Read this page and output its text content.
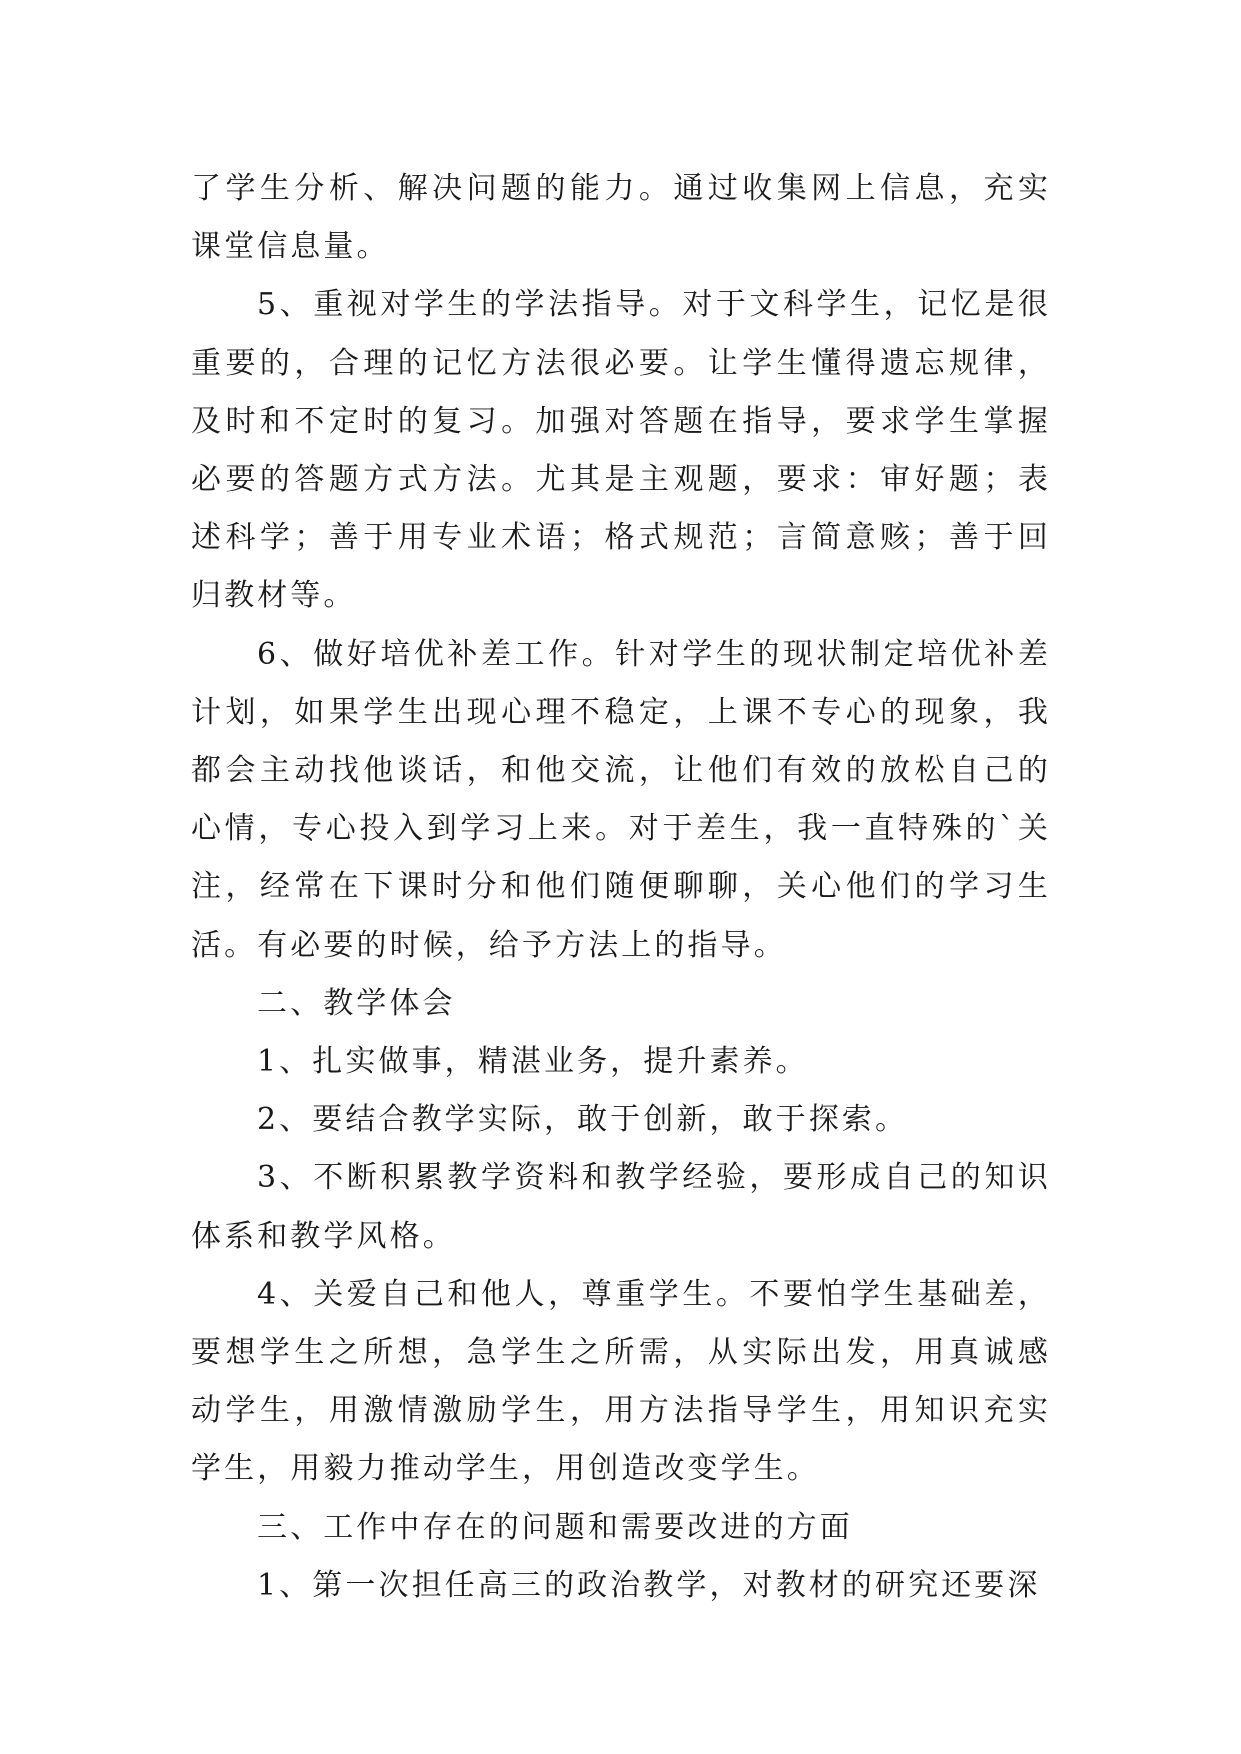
了学生分析、解决问题的能力。通过收集网上信息，充实课堂信息量。

5、重视对学生的学法指导。对于文科学生，记忆是很重要的，合理的记忆方法很必要。让学生懂得遗忘规律，及时和不定时的复习。加强对答题在指导，要求学生掌握必要的答题方式方法。尤其是主观题，要求：审好题；表述科学；善于用专业术语；格式规范；言简意赅；善于回归教材等。

6、做好培优补差工作。针对学生的现状制定培优补差计划，如果学生出现心理不稳定，上课不专心的现象，我都会主动找他谈话，和他交流，让他们有效的放松自己的心情，专心投入到学习上来。对于差生，我一直特殊的`关注，经常在下课时分和他们随便聊聊，关心他们的学习生活。有必要的时候，给予方法上的指导。

二、教学体会

1、扎实做事，精湛业务，提升素养。

2、要结合教学实际，敢于创新，敢于探索。

3、不断积累教学资料和教学经验，要形成自己的知识体系和教学风格。

4、关爱自己和他人，尊重学生。不要怕学生基础差，要想学生之所想，急学生之所需，从实际出发，用真诚感动学生，用激情激励学生，用方法指导学生，用知识充实学生，用毅力推动学生，用创造改变学生。

三、工作中存在的问题和需要改进的方面

1、第一次担任高三的政治教学，对教材的研究还要深
